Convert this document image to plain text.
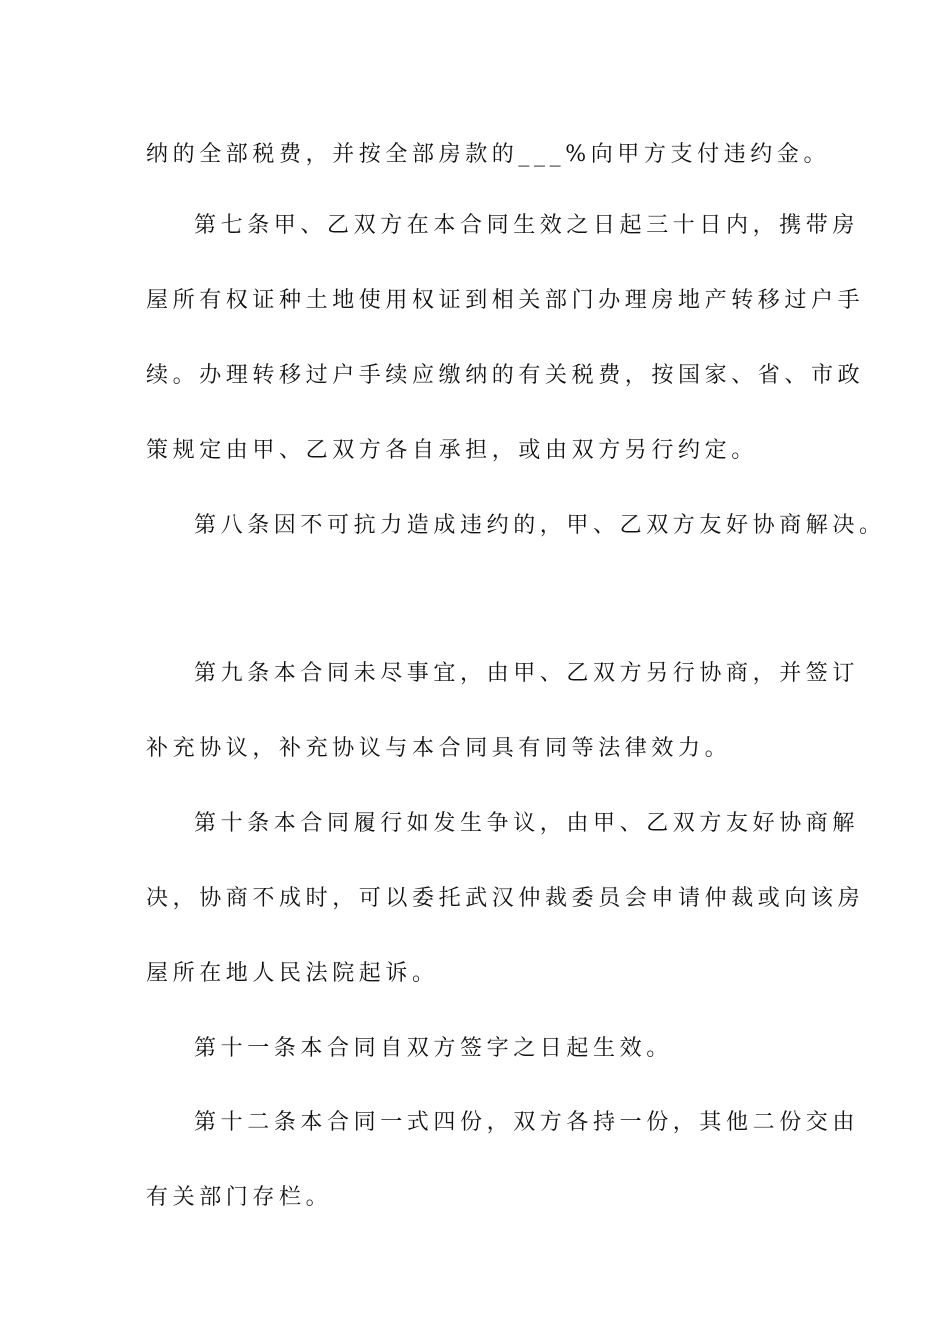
纳的全部税费，并按全部房款的___%向甲方支付违约金。
第七条甲、乙双方在本合同生效之日起三十日内，携带房
屋所有权证种土地使用权证到相关部门办理房地产转移过户手
续。办理转移过户手续应缴纳的有关税费，按国家、省、市政
策规定由甲、乙双方各自承担，或由双方另行约定。
第八条因不可抗力造成违约的，甲、乙双方友好协商解决。
第九条本合同未尽事宜，由甲、乙双方另行协商，并签订
补充协议，补充协议与本合同具有同等法律效力。
第十条本合同履行如发生争议，由甲、乙双方友好协商解
决，协商不成时，可以委托武汉仲裁委员会申请仲裁或向该房
屋所在地人民法院起诉。
第十一条本合同自双方签字之日起生效。
第十二条本合同一式四份，双方各持一份，其他二份交由
有关部门存栏。
